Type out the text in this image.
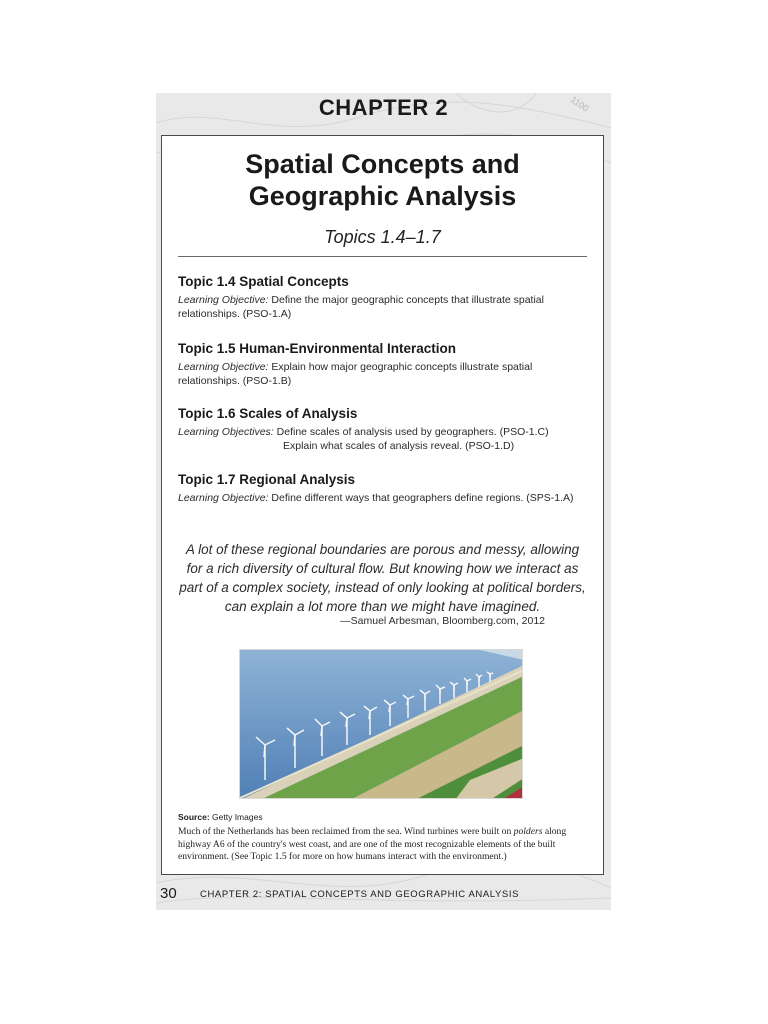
CHAPTER 2	1100
Spatial Concepts and
Geographic Analysis
Topics 1.4–1.7
Topic 1.4 Spatial Concepts
Learning Objective: Define the major geographic concepts that illustrate spatial relationships. (PSO-1.A)
Topic 1.5 Human-Environmental Interaction
Learning Objective: Explain how major geographic concepts illustrate spatial relationships. (PSO-1.B)
Topic 1.6 Scales of Analysis
Learning Objectives: Define scales of analysis used by geographers. (PSO-1.C)
Explain what scales of analysis reveal. (PSO-1.D)
Topic 1.7 Regional Analysis
Learning Objective: Define different ways that geographers define regions. (SPS-1.A)
A lot of these regional boundaries are porous and messy, allowing for a rich diversity of cultural flow. But knowing how we interact as part of a complex society, instead of only looking at political borders, can explain a lot more than we might have imagined.
—Samuel Arbesman, Bloomberg.com, 2012
Source: Getty Images
Much of the Netherlands has been reclaimed from the sea. Wind turbines were built on polders along highway A6 of the country's west coast, and are one of the most recognizable elements of the built environment. (See Topic 1.5 for more on how humans interact with the environment.)
30 CHAPTER 2: SPATIAL CONCEPTS AND GEOGRAPHIC ANALYSIS
